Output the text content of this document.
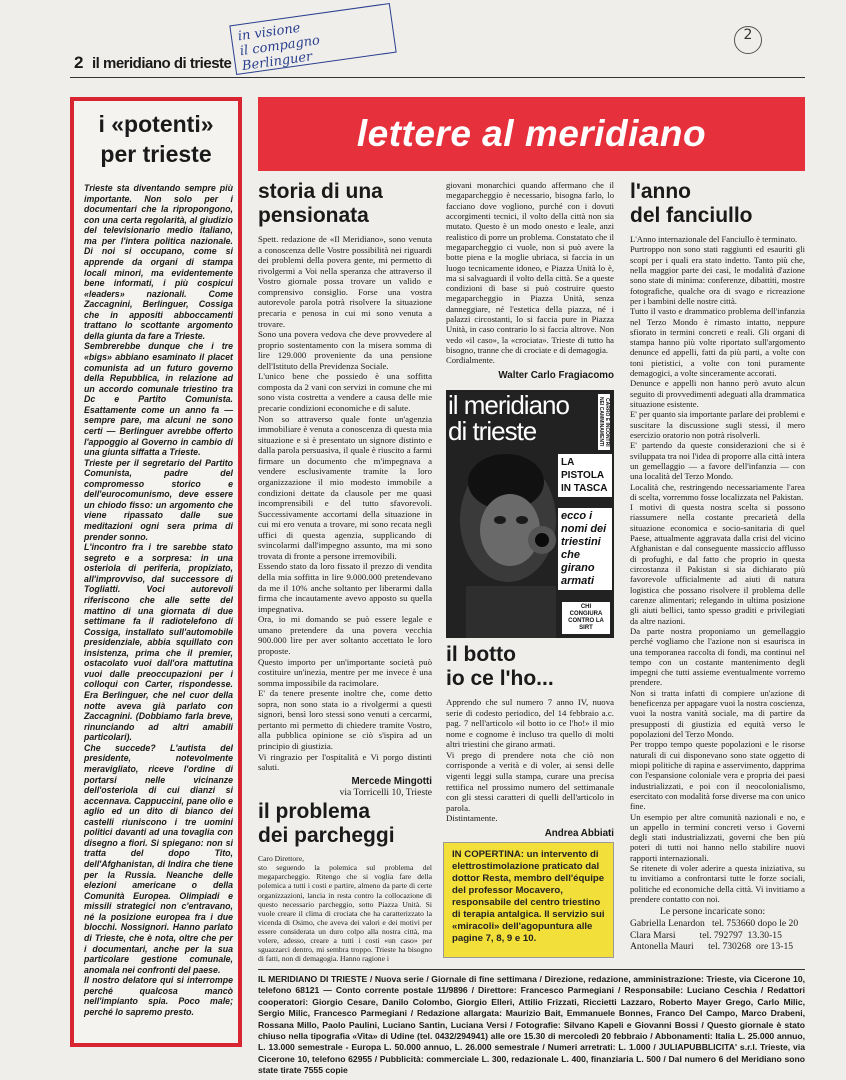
2 il meridiano di trieste
in visione
il compagno
Berlinguer
2
i «potenti»
per trieste
Trieste sta diventando sempre più importante. Non solo per i documentari che la ripropongono, con una certa regolarità, al giudizio del televisionario medio italiano, ma per l'intera politica nazionale. Di noi si occupano, come si apprende da organi di stampa locali minori, ma evidentemente bene informati, i più cospicui «leaders» nazionali. Come Zaccagnini, Berlinguer, Cossiga che in appositi abboccamenti trattano lo scottante argomento della giunta da fare a Trieste.
Sembrerebbe dunque che i tre «bigs» abbiano esaminato il placet comunista ad un futuro governo della Repubblica, in relazione ad un accordo comunale triestino tra Dc e Partito Comunista. Esattamente come un anno fa — sempre pare, ma alcuni ne sono certi — Berlinguer avrebbe offerto l'appoggio al Governo in cambio di una giunta siffatta a Trieste.
Trieste per il segretario del Partito Comunista, padre del compromesso storico e dell'eurocomunismo, deve essere un chiodo fisso: un argomento che viene ripassato dalle sue meditazioni ogni sera prima di prender sonno.
L'incontro fra i tre sarebbe stato segreto e a sorpresa: in una osteriola di periferia, propiziato, all'improvviso, dal successore di Togliatti. Voci autorevoli riferiscono che alle sette del mattino di una giornata di due settimane fa il radiotelefono di Cossiga, installato sull'automobile presidenziale, abbia squillato con insistenza, prima che il premier, ostacolato vuoi dall'ora mattutina vuoi dalle preoccupazioni per i colloqui con Carter, rispondesse. Era Berlinguer, che nel cuor della notte aveva già parlato con Zaccagnini. (Dobbiamo farla breve, rinunciando ad altri amabili particolari).
Che succede? L'autista del presidente, notevolmente meravigliato, riceve l'ordine di portarsi nelle vicinanze dell'osteriola di cui dianzi si accennava. Cappuccini, pane olio e aglio ed un dito di bianco dei castelli riuniscono i tre uomini politici davanti ad una tovaglia con disegno a fiori. Si spiegano: non si tratta del dopo Tito, dell'Afghanistan, di Indira che tiene per la Russia. Neanche delle elezioni americane o della Comunità Europea. Olimpiadi e missili strategici non c'entravano, né la posizione europea fra i due blocchi. Nossignori. Hanno parlato di Trieste, che è nota, oltre che per i documentari, anche per la sua particolare gestione comunale, anomala nei confronti del paese.
Il nostro delatore qui si interrompe perché qualcosa mancò nell'impianto spia. Poco male; perché lo sapremo presto.
lettere al meridiano
storia di una
pensionata
Spett. redazione de «Il Meridiano», sono venuta a conoscenza delle Vostre possibilità nei riguardi dei problemi della povera gente, mi permetto di rivolgermi a Voi nella speranza che attraverso il Vostro giornale possa trovare un valido e comprensivo consiglio. Forse una vostra autorevole parola potrà risolvere la situazione precaria e penosa in cui mi sono venuta a trovare.
Sono una povera vedova che deve provvedere al proprio sostentamento con la misera somma di lire 129.000 proveniente da una pensione dell'Istituto della Previdenza Sociale.
L'unico bene che possiedo è una soffitta composta da 2 vani con servizi in comune che mi sono vista costretta a vendere a causa delle mie precarie condizioni economiche e di salute.
Non so attraverso quale fonte un'agenzia immobiliare è venuta a conoscenza di questa mia situazione e si è presentato un signore distinto e dalla parola persuasiva, il quale è riuscito a farmi firmare un documento che m'impegnava a vendere esclusivamente tramite la loro organizzazione il mio modesto immobile a condizioni dettate da clausole per me quasi incomprensibili e del tutto sfavorevoli. Successivamente accortami della situazione in cui mi ero venuta a trovare, mi sono recata negli uffici di questa agenzia, supplicando di svincolarmi dall'impegno assunto, ma mi sono trovata di fronte a persone irremovibili.
Essendo stato da loro fissato il prezzo di vendita della mia soffitta in lire 9.000.000 pretendevano da me il 10% anche soltanto per liberarmi dalla firma che incautamente avevo apposto su quella impegnativa.
Ora, io mi domando se può essere legale e umano pretendere da una povera vecchia 900.000 lire per aver soltanto accettato le loro proposte.
Questo importo per un'importante società può costituire un'inezia, mentre per me invece è una somma impossibile da racimolare.
E' da tenere presente inoltre che, come detto sopra, non sono stata io a rivolgermi a questi signori, bensì loro stessi sono venuti a cercarmi, pertanto mi permetto di chiedere tramite Vostro, alla pubblica opinione se ciò s'ispira ad un principio di giustizia.
Vi ringrazio per l'ospitalità e Vi porgo distinti saluti.
Mercede Mingotti
via Torricelli 10, Trieste
il problema
dei parcheggi
Caro Direttore,
sto seguendo la polemica sul problema del megaparcheggio. Ritengo che si voglia fare della polemica a tutti i costi e partire, almeno da parte di certe organizzazioni, lancia in resta contro la collocazione di questo necessario parcheggio, sotto Piazza Unità. Si vuole creare il clima di crociata che ha caratterizzato la vicenda di Osimo, che aveva dei valori e dei motivi per essere considerata un duro colpo alla nostra città, ma volere, adesso, creare a tutti i costi «un caso» per sguazzarci dentro, mi sembra troppo. Trieste ha bisogno di fatti, non di demagogia. Hanno ragione i
giovani monarchici quando affermano che il megaparcheggio è necessario, bisogna farlo, lo facciano dove vogliono, purché con i dovuti accorgimenti tecnici, il volto della città non sia mutato. Questo è un modo onesto e leale, anzi realistico di porre un problema. Constatato che il megaparcheggio ci vuole, non si può avere la botte piena e la moglie ubriaca, si faccia in un luogo tecnicamente idoneo, e Piazza Unità lo è, ma si salvaguardi il volto della città. Se a queste condizioni di base si può costruire questo megaparcheggio in Piazza Unità, senza danneggiare, né l'estetica della piazza, né i palazzi circostanti, lo si faccia pure in Piazza Unità, in caso contrario lo si faccia altrove. Non vedo «il caso», la «crociata». Trieste di tutto ha bisogno, tranne che di crociate e di demagogia.
Cordialmente.
Walter Carlo Fragiacomo
il meridiano
di trieste	CARRO E INCONTRI NEI CAMMINAMENTI
LA PISTOLA IN TASCA
ecco i nomi dei triestini che girano armati
CHI CONGIURA CONTRO LA SIRT
il botto
io ce l'ho...
Apprendo che sul numero 7 anno IV, nuova serie di codesto periodico, del 14 febbraio a.c. pag. 7 nell'articolo «il botto io ce l'ho!» il mio nome e cognome è incluso tra quello di molti altri triestini che girano armati.
Vi prego di prendere nota che ciò non corrisponde a verità e di voler, ai sensi delle vigenti leggi sulla stampa, curare una precisa rettifica nel prossimo numero del settimanale con gli stessi caratteri di quelli dell'articolo in parola.
Distintamente.
Andrea Abbiati
IN COPERTINA: un intervento di elettrostimolazione praticato dal dottor Resta, membro dell'équipe del professor Mocavero, responsabile del centro triestino di terapia antalgica. Il servizio sui «miracoli» dell'agopuntura alle pagine 7, 8, 9 e 10.
l'anno
del fanciullo
L'Anno internazionale del Fanciullo è terminato.
Purtroppo non sono stati raggiunti ed esauriti gli scopi per i quali era stato indetto. Tanto più che, nella maggior parte dei casi, le modalità d'azione sono state di minima: conferenze, dibattiti, mostre fotografiche, qualche ora di svago e ricreazione per i bambini delle nostre città.
Tutto il vasto e drammatico problema dell'infanzia nel Terzo Mondo è rimasto intatto, neppure sfiorato in termini concreti e reali. Gli organi di stampa hanno più volte riportato sull'argomento denunce ed appelli, fatti da più parti, a volte con toni pietistici, a volte con toni puramente demagogici, a volte sinceramente accorati.
Denunce e appelli non hanno però avuto alcun seguito di provvedimenti adeguati alla drammatica situazione esistente.
E' per quanto sia importante parlare dei problemi e suscitare la discussione sugli stessi, il mero esercizio oratorio non potrà risolverli.
E' partendo da queste considerazioni che si è sviluppata tra noi l'idea di proporre alla città intera un gemellaggio — a favore dell'infanzia — con una località del Terzo Mondo.
Località che, restringendo necessariamente l'area di scelta, vorremmo fosse localizzata nel Pakistan.
I motivi di questa nostra scelta si possono riassumere nella costante precarietà della situazione economica e socio-sanitaria di quel Paese, attualmente aggravata dalla crisi del vicino Afghanistan e dal conseguente massiccio afflusso di profughi, e dal fatto che proprio in questa circostanza il Pakistan si sia dichiarato più favorevole ufficialmente ad aiuti di natura logistica che possano risolvere il problema delle carenze alimentari; relegando in ultima posizione gli aiuti bellici, tanto spesso graditi e privilegiati da altre nazioni.
Da parte nostra proponiamo un gemellaggio perché vogliamo che l'azione non si esaurisca in una temporanea raccolta di fondi, ma continui nel tempo con un costante mantenimento degli impegni che tutti assieme eventualmente vorremo prendere.
Non si tratta infatti di compiere un'azione di beneficenza per appagare vuoi la nostra coscienza, vuoi la nostra vanità sociale, ma di partire da presupposti di giustizia ed equità verso le popolazioni del Terzo Mondo.
Per troppo tempo queste popolazioni e le risorse naturali di cui disponevano sono state oggetto di miopi politiche di rapina e asservimento, dapprima con l'espansione coloniale vera e propria dei paesi industrializzati, e poi con il neocolonialismo, esercitato con modalità forse diverse ma con unico fine.
Un esempio per altre comunità nazionali e no, e un appello in termini concreti verso i Governi degli stati industrializzati, governi che ben più poteri di tutti noi hanno nello stabilire nuovi rapporti internazionali.
Se ritenete di voler aderire a questa iniziativa, su tu invitiamo a confrontarsi tutte le forze sociali, politiche ed economiche della città. Vi invitiamo a prendere contatto con noi.
Le persone incaricate sono:
Gabriella Lenardon   tel. 753660 dopo le 20
Clara Marsi          tel. 792797  13.30-15
Antonella Mauri      tel. 730268  ore 13-15
IL MERIDIANO DI TRIESTE / Nuova serie / Giornale di fine settimana / Direzione, redazione, amministrazione: Trieste, via Cicerone 10, telefono 68121 — Conto corrente postale 11/9896 / Direttore: Francesco Parmegiani / Responsabile: Luciano Ceschia / Redattori cooperatori: Giorgio Cesare, Danilo Colombo, Giorgio Elleri, Attilio Frizzati, Riccietti Lazzaro, Roberto Mayer Grego, Carlo Milic, Sergio Milic, Francesco Parmegiani / Redazione allargata: Maurizio Bait, Emmanuele Bonnes, Franco Del Campo, Marco Drabeni, Rossana Millo, Paolo Paulini, Luciano Santin, Luciana Versi / Fotografie: Silvano Kapeli e Giovanni Bossi / Questo giornale è stato chiuso nella tipografia «Vita» di Udine (tel. 0432/294941) alle ore 15.30 di mercoledì 20 febbraio / Abbonamenti: Italia L. 25.000 annuo, L. 13.000 semestrale - Europa L. 50.000 annuo, L. 26.000 semestrale / Numeri arretrati: L. 1.000 / JULIAPUBBLICITA' s.r.l. Trieste, via Cicerone 10, telefono 62955 / Pubblicità: commerciale L. 300, redazionale L. 400, finanziaria L. 500 / Dal numero 6 del Meridiano sono state tirate 7555 copie
